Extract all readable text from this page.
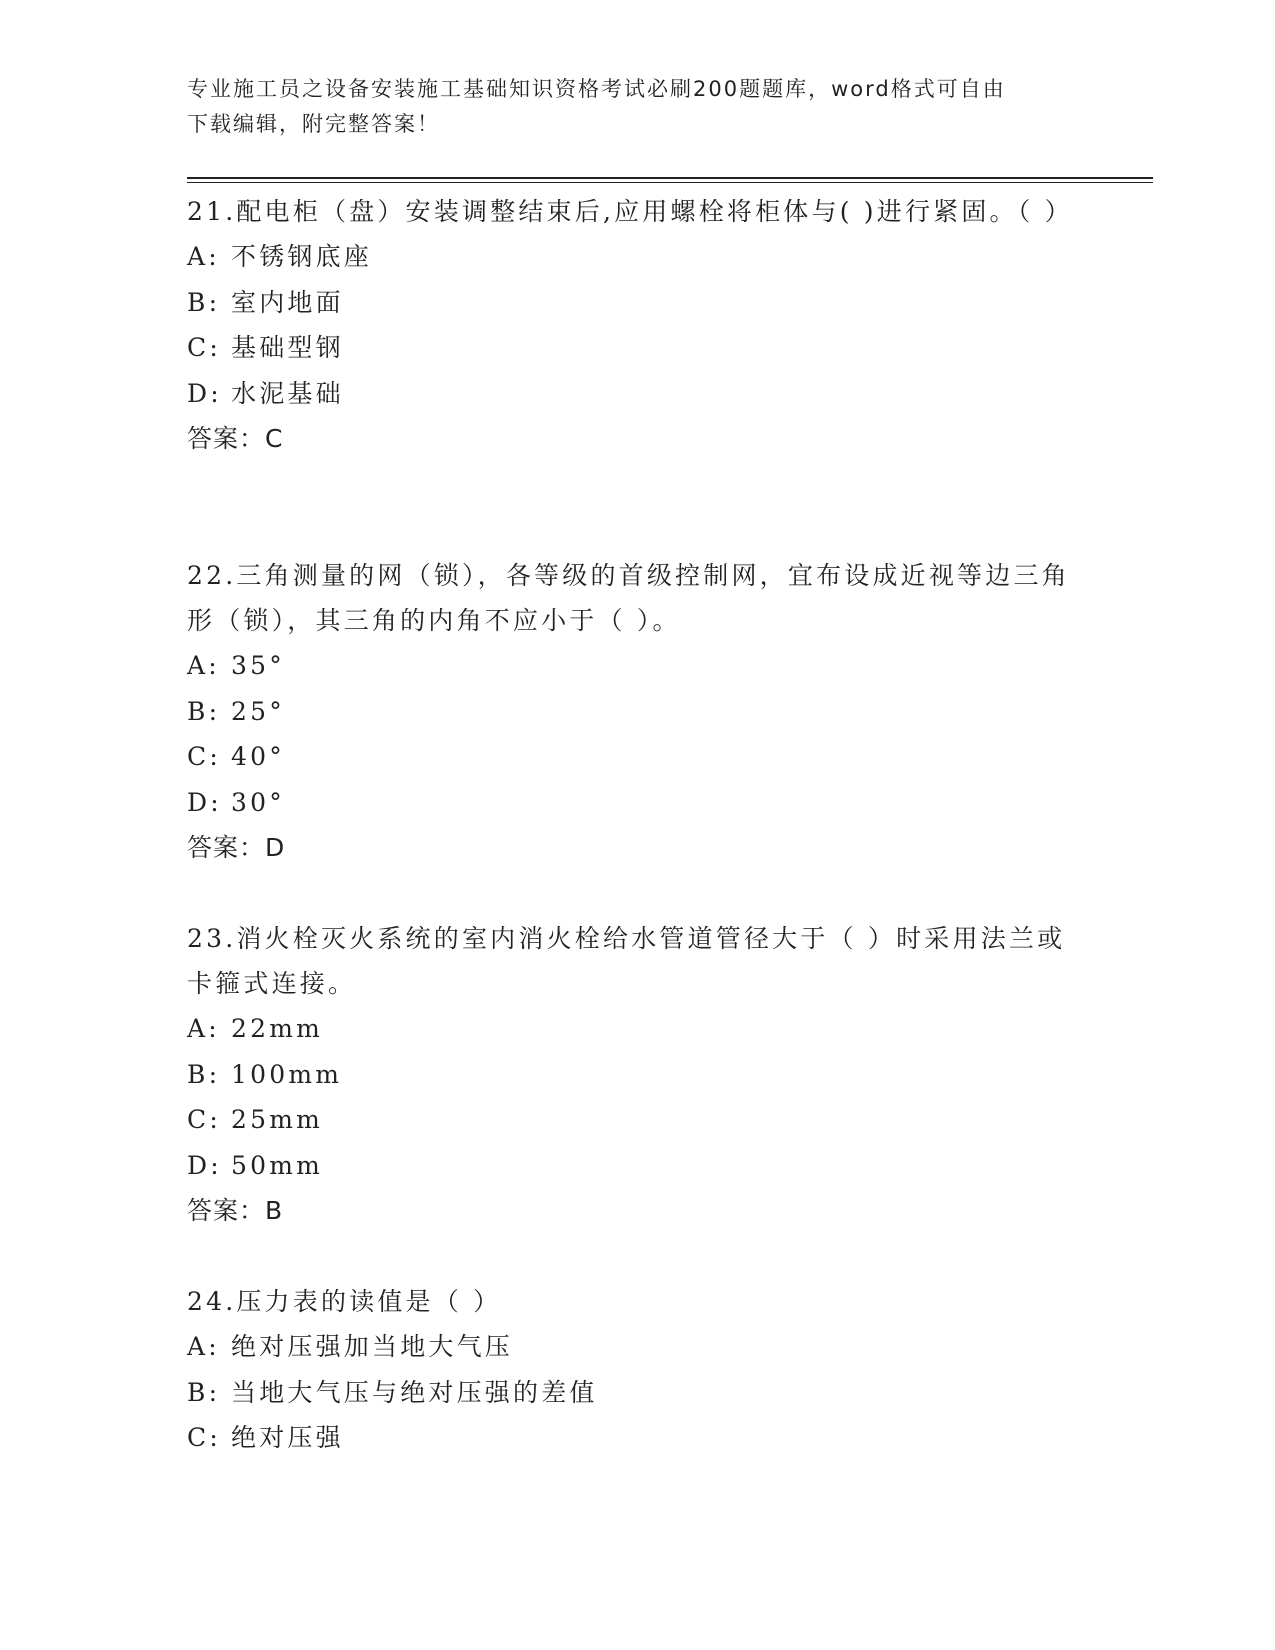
专业施工员之设备安装施工基础知识资格考试必刷200题题库，word格式可自由
下载编辑，附完整答案！

21.配电柜（盘）安装调整结束后,应用螺栓将柜体与( )进行紧固。（ ）

A: 不锈钢底座

B: 室内地面

C: 基础型钢

D: 水泥基础

答案：C

22.三角测量的网（锁），各等级的首级控制网，宜布设成近视等边三角形（锁），其三角的内角不应小于（ ）。

A: 35°

B: 25°

C: 40°

D: 30°

答案：D

23.消火栓灭火系统的室内消火栓给水管道管径大于（ ）时采用法兰或卡箍式连接。

A: 22mm

B: 100mm

C: 25mm

D: 50mm

答案：B

24.压力表的读值是（ ）

A: 绝对压强加当地大气压

B: 当地大气压与绝对压强的差值

C: 绝对压强
